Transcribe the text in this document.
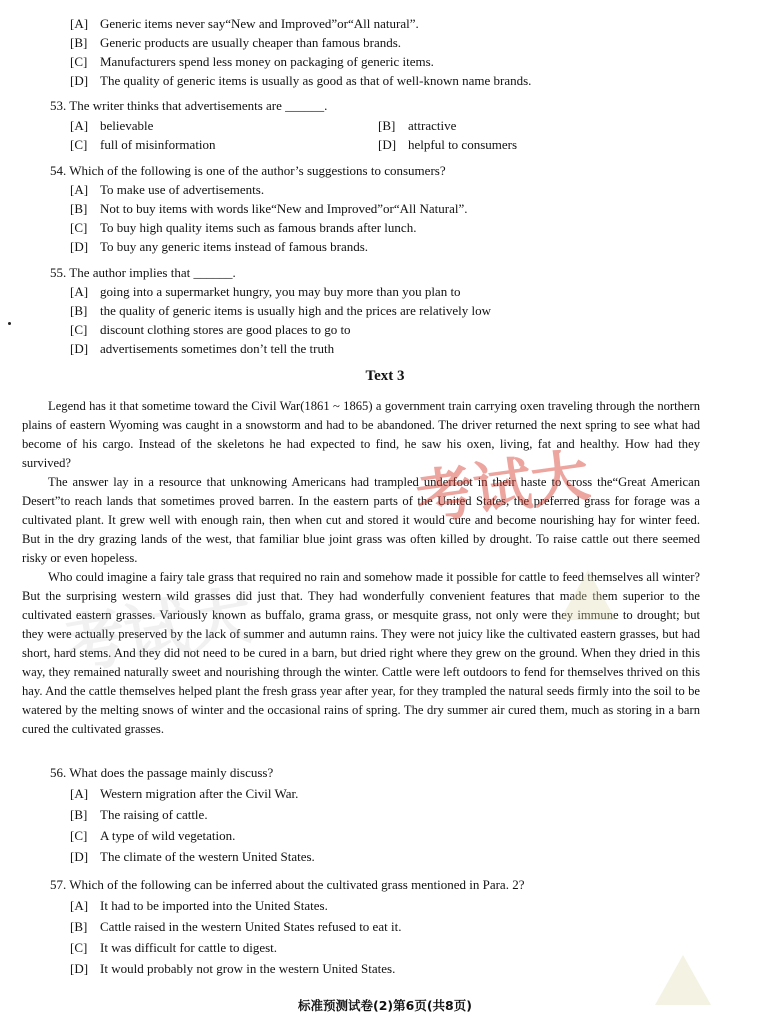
[A] Generic items never say“New and Improved”or“All natural”.
[B] Generic products are usually cheaper than famous brands.
[C] Manufacturers spend less money on packaging of generic items.
[D] The quality of generic items is usually as good as that of well-known name brands.
53. The writer thinks that advertisements are ______.
[A] believable	[B] attractive
[C] full of misinformation	[D] helpful to consumers
54. Which of the following is one of the author’s suggestions to consumers?
[A] To make use of advertisements.
[B] Not to buy items with words like“New and Improved”or“All Natural”.
[C] To buy high quality items such as famous brands after lunch.
[D] To buy any generic items instead of famous brands.
55. The author implies that ______.
[A] going into a supermarket hungry, you may buy more than you plan to
[B] the quality of generic items is usually high and the prices are relatively low
[C] discount clothing stores are good places to go to
[D] advertisements sometimes don’t tell the truth
Text 3
Legend has it that sometime toward the Civil War(1861 ~ 1865) a government train carrying oxen traveling through the northern plains of eastern Wyoming was caught in a snowstorm and had to be abandoned. The driver returned the next spring to see what had become of his cargo. Instead of the skeletons he had expected to find, he saw his oxen, living, fat and healthy. How had they survived?
The answer lay in a resource that unknowing Americans had trampled underfoot in their haste to cross the“Great American Desert”to reach lands that sometimes proved barren. In the eastern parts of the United States, the preferred grass for forage was a cultivated plant. It grew well with enough rain, then when cut and stored it would cure and become nourishing hay for winter feed. But in the dry grazing lands of the west, that familiar blue joint grass was often killed by drought. To raise cattle out there seemed risky or even hopeless.
Who could imagine a fairy tale grass that required no rain and somehow made it possible for cattle to feed themselves all winter? But the surprising western wild grasses did just that. They had wonderfully convenient features that made them superior to the cultivated eastern grasses. Variously known as buffalo, grama grass, or mesquite grass, not only were they immune to drought; but they were actually preserved by the lack of summer and autumn rains. They were not juicy like the cultivated eastern grasses, but had short, hard stems. And they did not need to be cured in a barn, but dried right where they grew on the ground. When they dried in this way, they remained naturally sweet and nourishing through the winter. Cattle were left outdoors to fend for themselves thrived on this hay. And the cattle themselves helped plant the fresh grass year after year, for they trampled the natural seeds firmly into the soil to be watered by the melting snows of winter and the occasional rains of spring. The dry summer air cured them, much as storing in a barn cured the cultivated grasses.
56. What does the passage mainly discuss?
[A] Western migration after the Civil War.
[B] The raising of cattle.
[C] A type of wild vegetation.
[D] The climate of the western United States.
57. Which of the following can be inferred about the cultivated grass mentioned in Para. 2?
[A] It had to be imported into the United States.
[B] Cattle raised in the western United States refused to eat it.
[C] It was difficult for cattle to digest.
[D] It would probably not grow in the western United States.
考试大
考试大
标准预测试卷(2)第6页(共8页)
